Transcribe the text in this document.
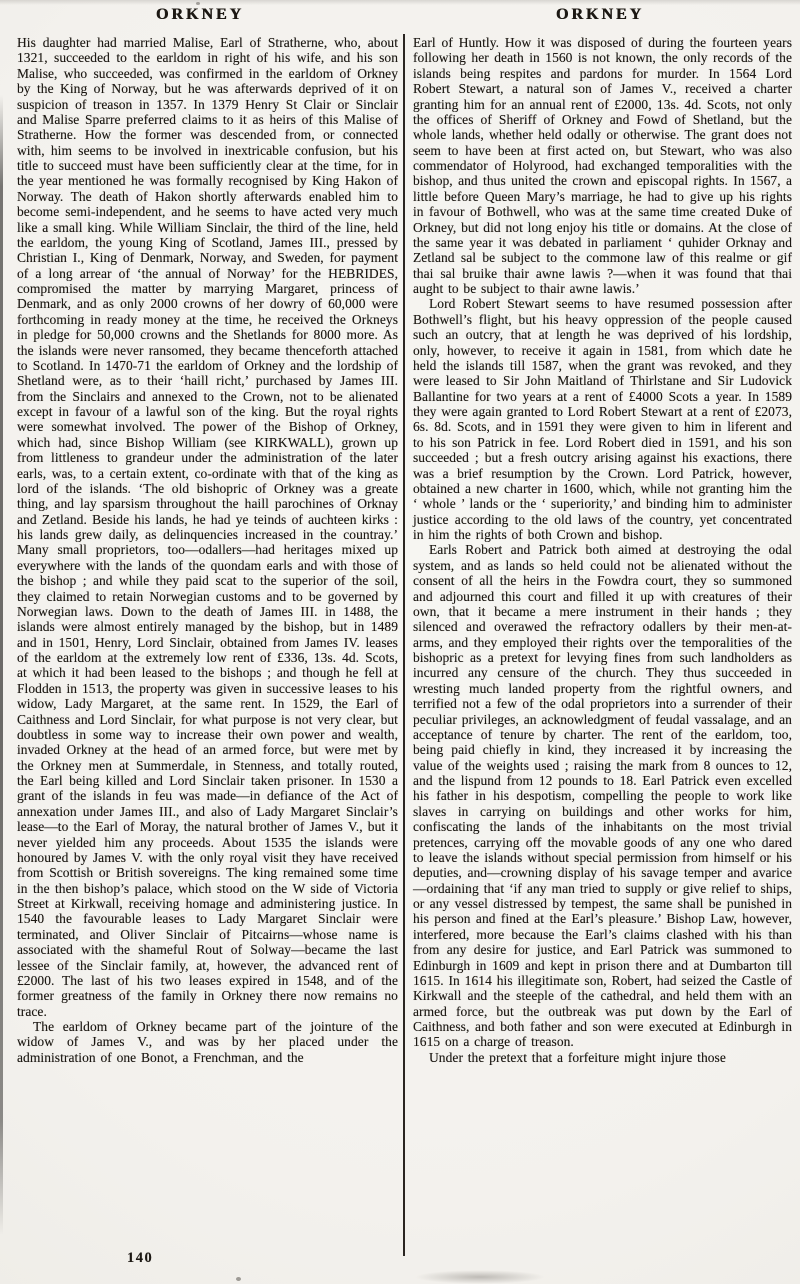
ORKNEY	ORKNEY

His daughter had married Malise, Earl of Stratherne, who, about 1321, succeeded to the earldom in right of his wife, and his son Malise, who succeeded, was confirmed in the earldom of Orkney by the King of Norway, but he was afterwards deprived of it on suspicion of treason in 1357. In 1379 Henry St Clair or Sinclair and Malise Sparre preferred claims to it as heirs of this Malise of Stratherne. How the former was descended from, or connected with, him seems to be involved in inextricable confusion, but his title to succeed must have been sufficiently clear at the time, for in the year mentioned he was formally recognised by King Hakon of Norway. The death of Hakon shortly afterwards enabled him to become semi-independent, and he seems to have acted very much like a small king. While William Sinclair, the third of the line, held the earldom, the young King of Scotland, James III., pressed by Christian I., King of Denmark, Norway, and Sweden, for payment of a long arrear of ‘the annual of Norway’ for the HEBRIDES, compromised the matter by marrying Margaret, princess of Denmark, and as only 2000 crowns of her dowry of 60,000 were forthcoming in ready money at the time, he received the Orkneys in pledge for 50,000 crowns and the Shetlands for 8000 more. As the islands were never ransomed, they became thenceforth attached to Scotland. In 1470-71 the earldom of Orkney and the lordship of Shetland were, as to their ‘haill richt,’ purchased by James III. from the Sinclairs and annexed to the Crown, not to be alienated except in favour of a lawful son of the king. But the royal rights were somewhat involved. The power of the Bishop of Orkney, which had, since Bishop William (see KIRKWALL), grown up from littleness to grandeur under the administration of the later earls, was, to a certain extent, co-ordinate with that of the king as lord of the islands. ‘The old bishopric of Orkney was a greate thing, and lay sparsism throughout the haill parochines of Orknay and Zetland. Beside his lands, he had ye teinds of auchteen kirks : his lands grew daily, as delinquencies increased in the countray.’ Many small proprietors, too—odallers—had heritages mixed up everywhere with the lands of the quondam earls and with those of the bishop ; and while they paid scat to the superior of the soil, they claimed to retain Norwegian customs and to be governed by Norwegian laws. Down to the death of James III. in 1488, the islands were almost entirely managed by the bishop, but in 1489 and in 1501, Henry, Lord Sinclair, obtained from James IV. leases of the earldom at the extremely low rent of £336, 13s. 4d. Scots, at which it had been leased to the bishops ; and though he fell at Flodden in 1513, the property was given in successive leases to his widow, Lady Margaret, at the same rent. In 1529, the Earl of Caithness and Lord Sinclair, for what purpose is not very clear, but doubtless in some way to increase their own power and wealth, invaded Orkney at the head of an armed force, but were met by the Orkney men at Summerdale, in Stenness, and totally routed, the Earl being killed and Lord Sinclair taken prisoner. In 1530 a grant of the islands in feu was made—in defiance of the Act of annexation under James III., and also of Lady Margaret Sinclair’s lease—to the Earl of Moray, the natural brother of James V., but it never yielded him any proceeds. About 1535 the islands were honoured by James V. with the only royal visit they have received from Scottish or British sovereigns. The king remained some time in the then bishop’s palace, which stood on the W side of Victoria Street at Kirkwall, receiving homage and administering justice. In 1540 the favourable leases to Lady Margaret Sinclair were terminated, and Oliver Sinclair of Pitcairns—whose name is associated with the shameful Rout of Solway—became the last lessee of the Sinclair family, at, however, the advanced rent of £2000. The last of his two leases expired in 1548, and of the former greatness of the family in Orkney there now remains no trace.

The earldom of Orkney became part of the jointure of the widow of James V., and was by her placed under the administration of one Bonot, a Frenchman, and the

Earl of Huntly. How it was disposed of during the fourteen years following her death in 1560 is not known, the only records of the islands being respites and pardons for murder. In 1564 Lord Robert Stewart, a natural son of James V., received a charter granting him for an annual rent of £2000, 13s. 4d. Scots, not only the offices of Sheriff of Orkney and Fowd of Shetland, but the whole lands, whether held odally or otherwise. The grant does not seem to have been at first acted on, but Stewart, who was also commendator of Holyrood, had exchanged temporalities with the bishop, and thus united the crown and episcopal rights. In 1567, a little before Queen Mary’s marriage, he had to give up his rights in favour of Bothwell, who was at the same time created Duke of Orkney, but did not long enjoy his title or domains. At the close of the same year it was debated in parliament ‘ quhider Orknay and Zetland sal be subject to the commone law of this realme or gif thai sal bruike thair awne lawis ?—when it was found that thai aught to be subject to thair awne lawis.’

Lord Robert Stewart seems to have resumed possession after Bothwell’s flight, but his heavy oppression of the people caused such an outcry, that at length he was deprived of his lordship, only, however, to receive it again in 1581, from which date he held the islands till 1587, when the grant was revoked, and they were leased to Sir John Maitland of Thirlstane and Sir Ludovick Ballantine for two years at a rent of £4000 Scots a year. In 1589 they were again granted to Lord Robert Stewart at a rent of £2073, 6s. 8d. Scots, and in 1591 they were given to him in liferent and to his son Patrick in fee. Lord Robert died in 1591, and his son succeeded ; but a fresh outcry arising against his exactions, there was a brief resumption by the Crown. Lord Patrick, however, obtained a new charter in 1600, which, while not granting him the ‘ whole ’ lands or the ‘ superiority,’ and binding him to administer justice according to the old laws of the country, yet concentrated in him the rights of both Crown and bishop.

Earls Robert and Patrick both aimed at destroying the odal system, and as lands so held could not be alienated without the consent of all the heirs in the Fowdra court, they so summoned and adjourned this court and filled it up with creatures of their own, that it became a mere instrument in their hands ; they silenced and overawed the refractory odallers by their men-at-arms, and they employed their rights over the temporalities of the bishopric as a pretext for levying fines from such landholders as incurred any censure of the church. They thus succeeded in wresting much landed property from the rightful owners, and terrified not a few of the odal proprietors into a surrender of their peculiar privileges, an acknowledgment of feudal vassalage, and an acceptance of tenure by charter. The rent of the earldom, too, being paid chiefly in kind, they increased it by increasing the value of the weights used ; raising the mark from 8 ounces to 12, and the lispund from 12 pounds to 18. Earl Patrick even excelled his father in his despotism, compelling the people to work like slaves in carrying on buildings and other works for him, confiscating the lands of the inhabitants on the most trivial pretences, carrying off the movable goods of any one who dared to leave the islands without special permission from himself or his deputies, and—crowning display of his savage temper and avarice —ordaining that ‘if any man tried to supply or give relief to ships, or any vessel distressed by tempest, the same shall be punished in his person and fined at the Earl’s pleasure.’ Bishop Law, however, interfered, more because the Earl’s claims clashed with his than from any desire for justice, and Earl Patrick was summoned to Edinburgh in 1609 and kept in prison there and at Dumbarton till 1615. In 1614 his illegitimate son, Robert, had seized the Castle of Kirkwall and the steeple of the cathedral, and held them with an armed force, but the outbreak was put down by the Earl of Caithness, and both father and son were executed at Edinburgh in 1615 on a charge of treason.

Under the pretext that a forfeiture might injure those

140
